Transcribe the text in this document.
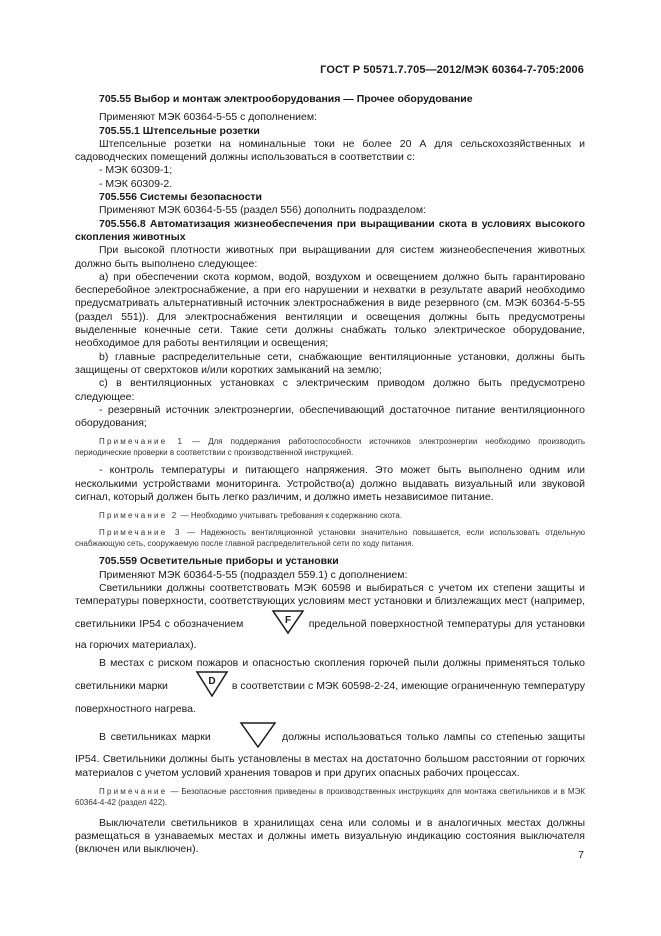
ГОСТ Р 50571.7.705—2012/МЭК 60364-7-705:2006

705.55 Выбор и монтаж электрооборудования — Прочее оборудование

Применяют МЭК 60364-5-55 с дополнением:

705.55.1 Штепсельные розетки

Штепсельные розетки на номинальные токи не более 20 А для сельскохозяйственных и садоводческих помещений должны использоваться в соответствии с:

- МЭК 60309-1;

- МЭК 60309-2.

705.556 Системы безопасности

Применяют МЭК 60364-5-55 (раздел 556) дополнить подразделом:

705.556.8 Автоматизация жизнеобеспечения при выращивании скота в условиях высокого скопления животных

При высокой плотности животных при выращивании для систем жизнеобеспечения животных должно быть выполнено следующее:

а) при обеспечении скота кормом, водой, воздухом и освещением должно быть гарантировано бесперебойное электроснабжение, а при его нарушении и нехватки в результате аварий необходимо предусматривать альтернативный источник электроснабжения в виде резервного (см. МЭК 60364-5-55 (раздел 551)). Для электроснабжения вентиляции и освещения должны быть предусмотрены выделенные конечные сети. Такие сети должны снабжать только электрическое оборудование, необходимое для работы вентиляции и освещения;

b) главные распределительные сети, снабжающие вентиляционные установки, должны быть защищены от сверхтоков и/или коротких замыканий на землю;

c) в вентиляционных установках с электрическим приводом должно быть предусмотрено следующее:

- резервный источник электроэнергии, обеспечивающий достаточное питание вентиляционного оборудования;

Примечание 1 — Для поддержания работоспособности источников электроэнергии необходимо производить периодические проверки в соответствии с производственной инструкцией.

- контроль температуры и питающего напряжения. Это может быть выполнено одним или несколькими устройствами мониторинга. Устройство(а) должно выдавать визуальный или звуковой сигнал, который должен быть легко различим, и должно иметь независимое питание.

Примечание 2 — Необходимо учитывать требования к содержанию скота.

Примечание 3 — Надежность вентиляционной установки значительно повышается, если использовать отдельную снабжающую сеть, сооружаемую после главной распределительной сети по ходу питания.

705.559 Осветительные приборы и установки

Применяют МЭК 60364-5-55 (подраздел 559.1) с дополнением:

Светильники должны соответствовать МЭК 60598 и выбираться с учетом их степени защиты и температуры поверхности, соответствующих условиям мест установки и близлежащих мест (например, светильники IP54 с обозначением	F предельной поверхностной температуры для установки на горючих материалах).

В местах с риском пожаров и опасностью скопления горючей пыли должны применяться только светильники марки	D в соответствии с МЭК 60598-2-24, имеющие ограниченную температуру поверхностного нагрева.

В светильниках марки	должны использоваться только лампы со степенью защиты IP54. Светильники должны быть установлены в местах на достаточно большом расстоянии от горючих материалов с учетом условий хранения товаров и при других опасных рабочих процессах.

Примечание — Безопасные расстояния приведены в производственных инструкциях для монтажа светильников и в МЭК 60364-4-42 (раздел 422).

Выключатели светильников в хранилищах сена или соломы и в аналогичных местах должны размещаться в узнаваемых местах и должны иметь визуальную индикацию состояния выключателя (включен или выключен).	7
